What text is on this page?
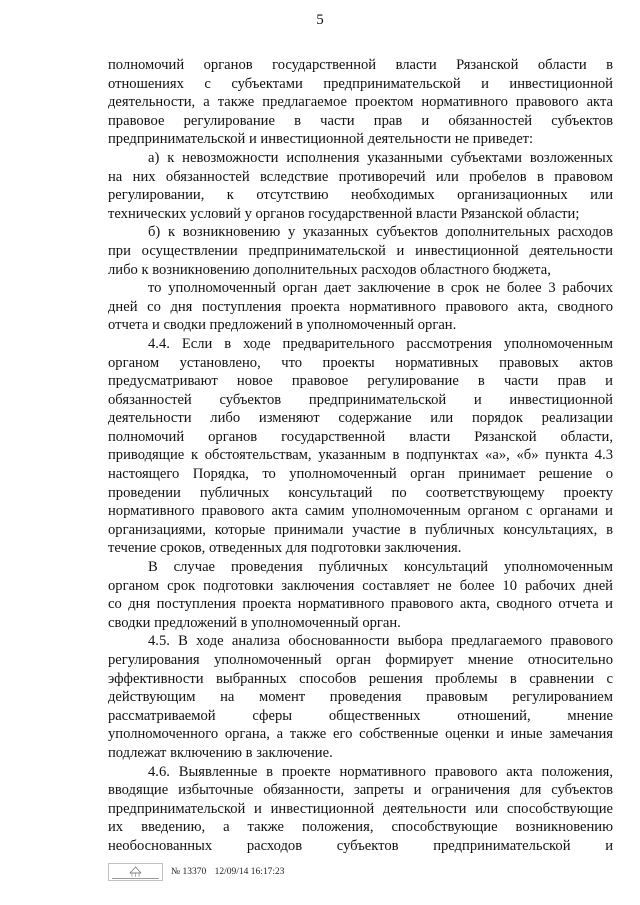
5

полномочий органов государственной власти Рязанской области в

отношениях с субъектами предпринимательской и инвестиционной

деятельности, а также предлагаемое проектом нормативного правового акта

правовое регулирование в части прав и обязанностей субъектов

предпринимательской и инвестиционной деятельности не приведет:

а) к невозможности исполнения указанными субъектами возложенных

на них обязанностей вследствие противоречий или пробелов в правовом

регулировании, к отсутствию необходимых организационных или

технических условий у органов государственной власти Рязанской области;

б) к возникновению у указанных субъектов дополнительных расходов

при осуществлении предпринимательской и инвестиционной деятельности

либо к возникновению дополнительных расходов областного бюджета,

то уполномоченный орган дает заключение в срок не более 3 рабочих

дней со дня поступления проекта нормативного правового акта, сводного

отчета и сводки предложений в уполномоченный орган.

4.4. Если в ходе предварительного рассмотрения уполномоченным

органом установлено, что проекты нормативных правовых актов

предусматривают новое правовое регулирование в части прав и

обязанностей субъектов предпринимательской и инвестиционной

деятельности либо изменяют содержание или порядок реализации

полномочий органов государственной власти Рязанской области,

приводящие к обстоятельствам, указанным в подпунктах «а», «б» пункта 4.3

настоящего Порядка, то уполномоченный орган принимает решение о

проведении публичных консультаций по соответствующему проекту

нормативного правового акта самим уполномоченным органом с органами и

организациями, которые принимали участие в публичных консультациях, в

течение сроков, отведенных для подготовки заключения.

В случае проведения публичных консультаций уполномоченным

органом срок подготовки заключения составляет не более 10 рабочих дней

со дня поступления проекта нормативного правового акта, сводного отчета и

сводки предложений в уполномоченный орган.

4.5. В ходе анализа обоснованности выбора предлагаемого правового

регулирования уполномоченный орган формирует мнение относительно

эффективности выбранных способов решения проблемы в сравнении с

действующим на момент проведения правовым регулированием

рассматриваемой сферы общественных отношений, мнение

уполномоченного органа, а также его собственные оценки и иные замечания

подлежат включению в заключение.

4.6. Выявленные в проекте нормативного правового акта положения,

вводящие избыточные обязанности, запреты и ограничения для субъектов

предпринимательской и инвестиционной деятельности или способствующие

их введению, а также положения, способствующие возникновению

необоснованных расходов субъектов предпринимательской и

№ 13370 12/09/14 16:17:23
